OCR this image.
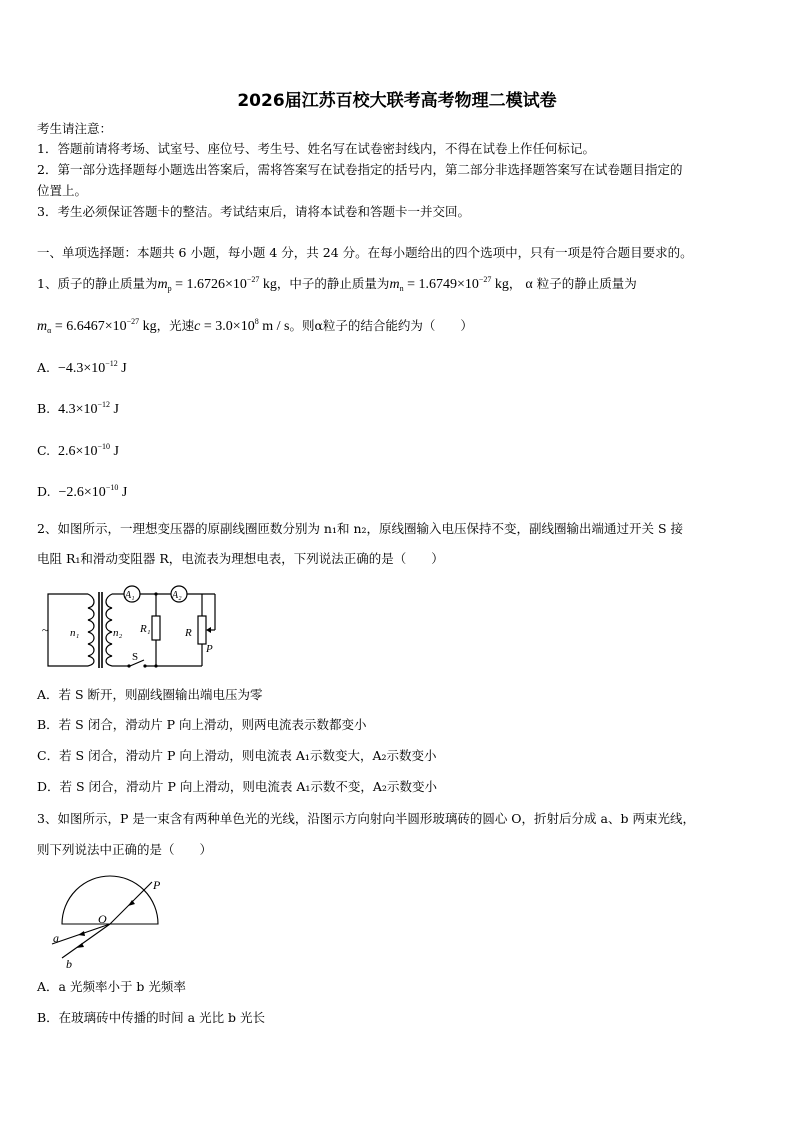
2026届江苏百校大联考高考物理二模试卷
考生请注意：
1．答题前请将考场、试室号、座位号、考生号、姓名写在试卷密封线内，不得在试卷上作任何标记。
2．第一部分选择题每小题选出答案后，需将答案写在试卷指定的括号内，第二部分非选择题答案写在试卷题目指定的
位置上。
3．考生必须保证答题卡的整洁。考试结束后，请将本试卷和答题卡一并交回。
一、单项选择题：本题共 6 小题，每小题 4 分，共 24 分。在每小题给出的四个选项中，只有一项是符合题目要求的。
1、质子的静止质量为$m_p = 1.6726\times 10^{-27}$ kg，中子的静止质量为$m_n = 1.6749\times 10^{-27}$ kg， α 粒子的静止质量为
$m_\alpha = 6.6467\times 10^{-27}$ kg，光速$c = 3.0\times 10^8$ m / s。则α粒子的结合能约为（　　）
A. $-4.3\times 10^{-12}$ J
B. $4.3\times 10^{-12}$ J
C. $2.6\times 10^{-10}$ J
D. $-2.6\times 10^{-10}$ J
2、如图所示，一理想变压器的原副线圈匝数分别为 n₁和 n₂，原线圈输入电压保持不变，副线圈输出端通过开关 S 接
电阻 R₁和滑动变阻器 R，电流表为理想电表，下列说法正确的是（　　）
~ n₁	n₂
A₁	A₂
R₁	R
P
S
A．若 S 断开，则副线圈输出端电压为零
B．若 S 闭合，滑动片 P 向上滑动，则两电流表示数都变小
C．若 S 闭合，滑动片 P 向上滑动，则电流表 A₁示数变大，A₂示数变小
D．若 S 闭合，滑动片 P 向上滑动，则电流表 A₁示数不变，A₂示数变小
3、如图所示，P 是一束含有两种单色光的光线，沿图示方向射向半圆形玻璃砖的圆心 O，折射后分成 a、b 两束光线，
则下列说法中正确的是（　　）
P
O
a
b
A．a 光频率小于 b 光频率
B．在玻璃砖中传播的时间 a 光比 b 光长
